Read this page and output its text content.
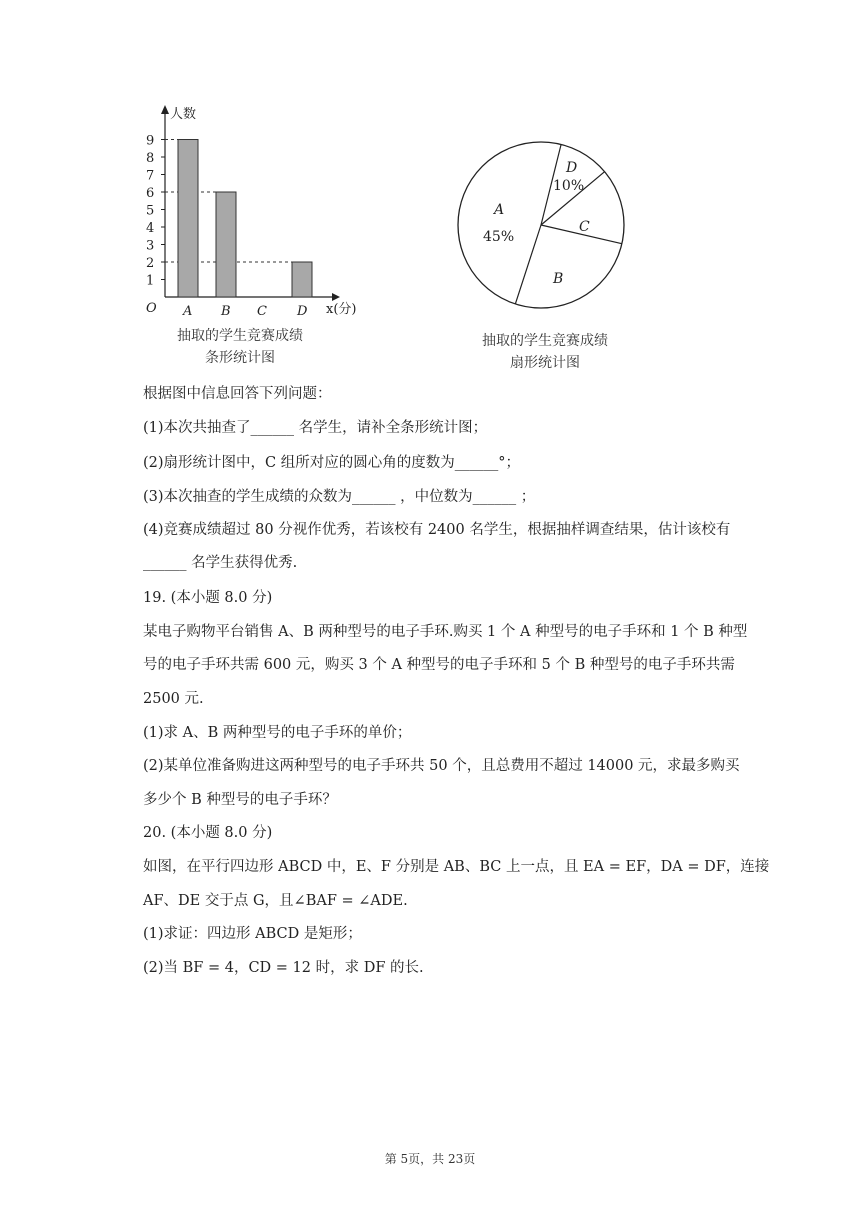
人数
O	x(分)
1
2
3
4
5
6
7
8
9
A B C D
抽取的学生竞赛成绩
条形统计图
D
10%
C
B
A
45%
抽取的学生竞赛成绩
扇形统计图
根据图中信息回答下列问题：
(1)本次共抽查了______ 名学生，请补全条形统计图；
(2)扇形统计图中，C 组所对应的圆心角的度数为______°；
(3)本次抽查的学生成绩的众数为______ ，中位数为______ ；
(4)竞赛成绩超过 80 分视作优秀，若该校有 2400 名学生，根据抽样调查结果，估计该校有
______ 名学生获得优秀.
19. (本小题 8.0 分)
某电子购物平台销售 A、B 两种型号的电子手环.购买 1 个 A 种型号的电子手环和 1 个 B 种型
号的电子手环共需 600 元，购买 3 个 A 种型号的电子手环和 5 个 B 种型号的电子手环共需
2500 元.
(1)求 A、B 两种型号的电子手环的单价；
(2)某单位准备购进这两种型号的电子手环共 50 个，且总费用不超过 14000 元，求最多购买
多少个 B 种型号的电子手环？
20. (本小题 8.0 分)
如图，在平行四边形 ABCD 中，E、F 分别是 AB、BC 上一点，且 EA = EF，DA = DF，连接
AF、DE 交于点 G，且∠BAF = ∠ADE.
(1)求证：四边形 ABCD 是矩形；
(2)当 BF = 4，CD = 12 时，求 DF 的长.
第 5页，共 23页
